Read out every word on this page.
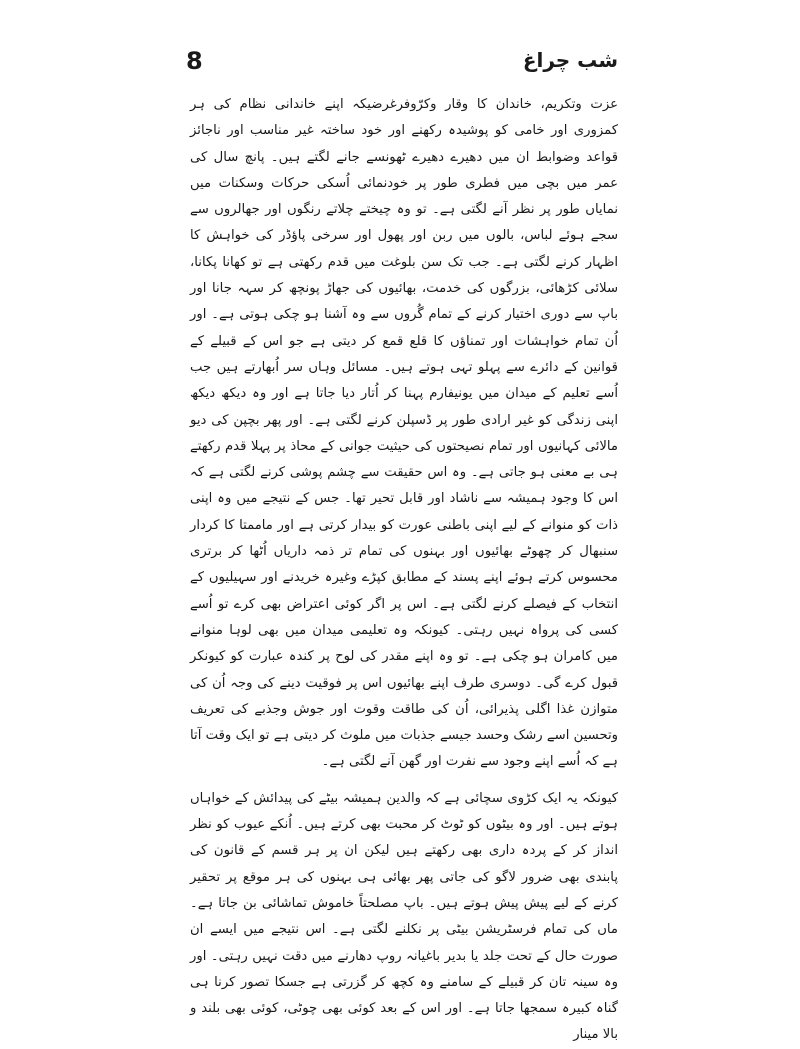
8	شب چراغ

عزت وتکریم، خاندان کا وقار وکرّوفرغرضیکہ اپنے خاندانی نظام کی ہر کمزوری اور خامی کو پوشیدہ رکھنے اور خود ساختہ غیر مناسب اور ناجائز قواعد وضوابط ان میں دھیرے دھیرے ٹھونسے جانے لگتے ہیں۔ پانچ سال کی عمر میں بچی میں فطری طور پر خودنمائی اُسکی حرکات وسکنات میں نمایاں طور پر نظر آنے لگتی ہے۔ تو وہ چیختے چلاتے رنگوں اور جھالروں سے سجے ہوئے لباس، بالوں میں ربن اور پھول اور سرخی پاؤڈر کی خواہش کا اظہار کرنے لگتی ہے۔ جب تک سن بلوغت میں قدم رکھتی ہے تو کھانا پکانا، سلائی کڑھائی، بزرگوں کی خدمت، بھائیوں کی جھاڑ پونچھ کر سہہ جانا اور باپ سے دوری اختیار کرنے کے تمام گُروں سے وہ آشنا ہو چکی ہوتی ہے۔ اور اُن تمام خواہشات اور تمناؤں کا قلع قمع کر دیتی ہے جو اس کے قبیلے کے قوانین کے دائرے سے پہلو تہی ہوتے ہیں۔ مسائل وہاں سر اُبھارتے ہیں جب اُسے تعلیم کے میدان میں یونیفارم پہنا کر اُتار دیا جاتا ہے اور وہ دیکھ دیکھ اپنی زندگی کو غیر ارادی طور پر ڈسپلن کرنے لگتی ہے۔ اور پھر بچپن کی دیو مالائی کہانیوں اور تمام نصیحتوں کی حیثیت جوانی کے محاذ پر پہلا قدم رکھتے ہی بے معنی ہو جاتی ہے۔ وہ اس حقیقت سے چشم پوشی کرنے لگتی ہے کہ اس کا وجود ہمیشہ سے ناشاد اور قابل تحیر تھا۔ جس کے نتیجے میں وہ اپنی ذات کو منوانے کے لیے اپنی باطنی عورت کو بیدار کرتی ہے اور ماممتا کا کردار سنبھال کر چھوٹے بھائیوں اور بہنوں کی تمام تر ذمہ داریاں اُٹھا کر برتری محسوس کرتے ہوئے اپنے پسند کے مطابق کپڑے وغیرہ خریدنے اور سہیلیوں کے انتخاب کے فیصلے کرنے لگتی ہے۔ اس پر اگر کوئی اعتراض بھی کرے تو اُسے کسی کی پرواہ نہیں رہتی۔ کیونکہ وہ تعلیمی میدان میں بھی لوہا منوانے میں کامران ہو چکی ہے۔ تو وہ اپنے مقدر کی لوح پر کندہ عبارت کو کیونکر قبول کرے گی۔ دوسری طرف اپنے بھائیوں اس پر فوقیت دینے کی وجہ اُن کی متوازن غذا اگلی پذیرائی، اُن کی طاقت وقوت اور جوش وجذبے کی تعریف وتحسین اسے رشک وحسد جیسے جذبات میں ملوث کر دیتی ہے تو ایک وقت آتا ہے کہ اُسے اپنے وجود سے نفرت اور گھن آنے لگتی ہے۔

کیونکہ یہ ایک کڑوی سچائی ہے کہ والدین ہمیشہ بیٹے کی پیدائش کے خواہاں ہوتے ہیں۔ اور وہ بیٹوں کو ٹوٹ کر محبت بھی کرتے ہیں۔ اُنکے عیوب کو نظر انداز کر کے پردہ داری بھی رکھتے ہیں لیکن ان پر ہر قسم کے قانون کی پابندی بھی ضرور لاگو کی جاتی پھر بھائی ہی بہنوں کی ہر موقع پر تحقیر کرنے کے لیے پیش پیش ہوتے ہیں۔ باپ مصلحتاً خاموش تماشائی بن جاتا ہے۔ ماں کی تمام فرسٹریشن بیٹی پر نکلنے لگتی ہے۔ اس نتیجے میں ایسے ان صورت حال کے تحت جلد یا بدیر باغیانہ روپ دھارنے میں دقت نہیں رہتی۔ اور وہ سینہ تان کر قبیلے کے سامنے وہ کچھ کر گزرتی ہے جسکا تصور کرنا ہی گناہ کبیرہ سمجھا جاتا ہے۔ اور اس کے بعد کوئی بھی چوٹی، کوئی بھی بلند و بالا مینار
